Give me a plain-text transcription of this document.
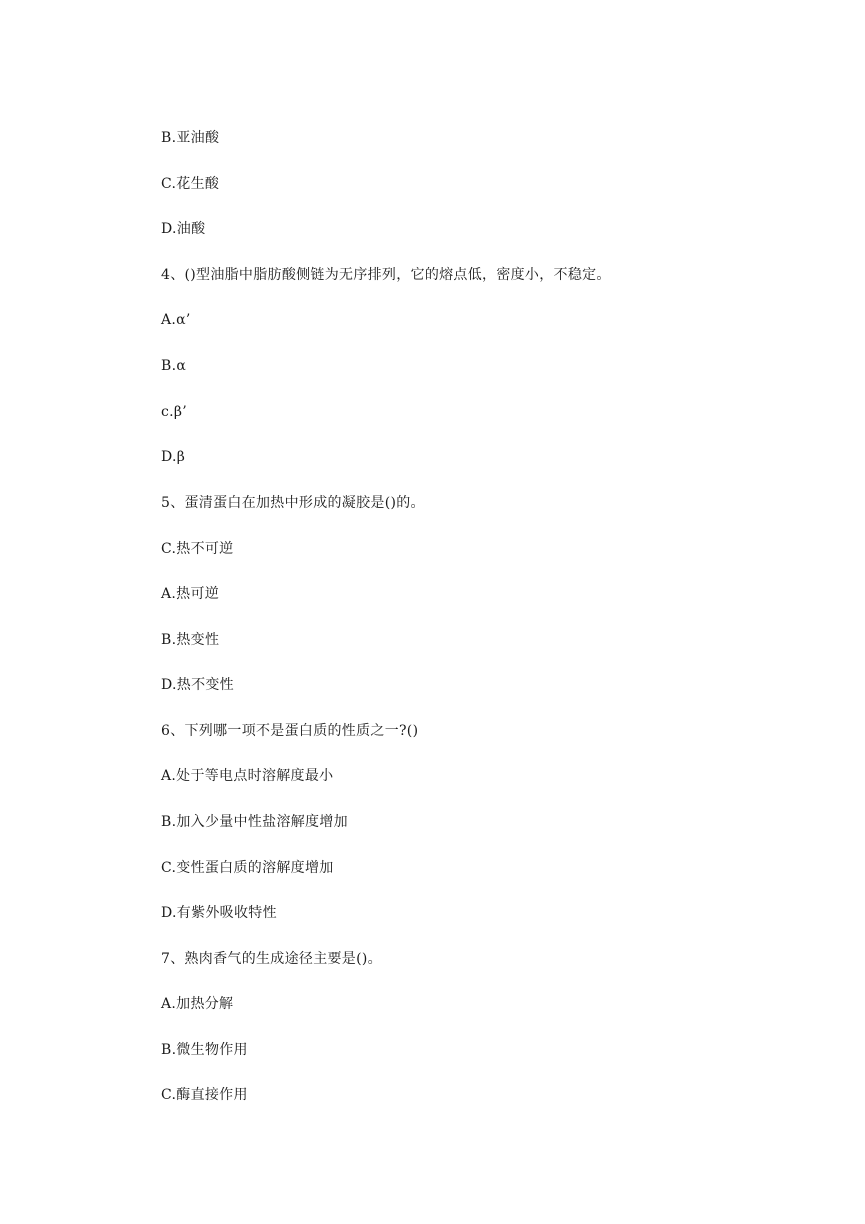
B.亚油酸
C.花生酸
D.油酸
4、()型油脂中脂肪酸侧链为无序排列，它的熔点低，密度小，不稳定。
A.α’
B.α
c.β’
D.β
5、蛋清蛋白在加热中形成的凝胶是()的。
C.热不可逆
A.热可逆
B.热变性
D.热不变性
6、下列哪一项不是蛋白质的性质之一?()
A.处于等电点时溶解度最小
B.加入少量中性盐溶解度增加
C.变性蛋白质的溶解度增加
D.有紫外吸收特性
7、熟肉香气的生成途径主要是()。
A.加热分解
B.微生物作用
C.酶直接作用
